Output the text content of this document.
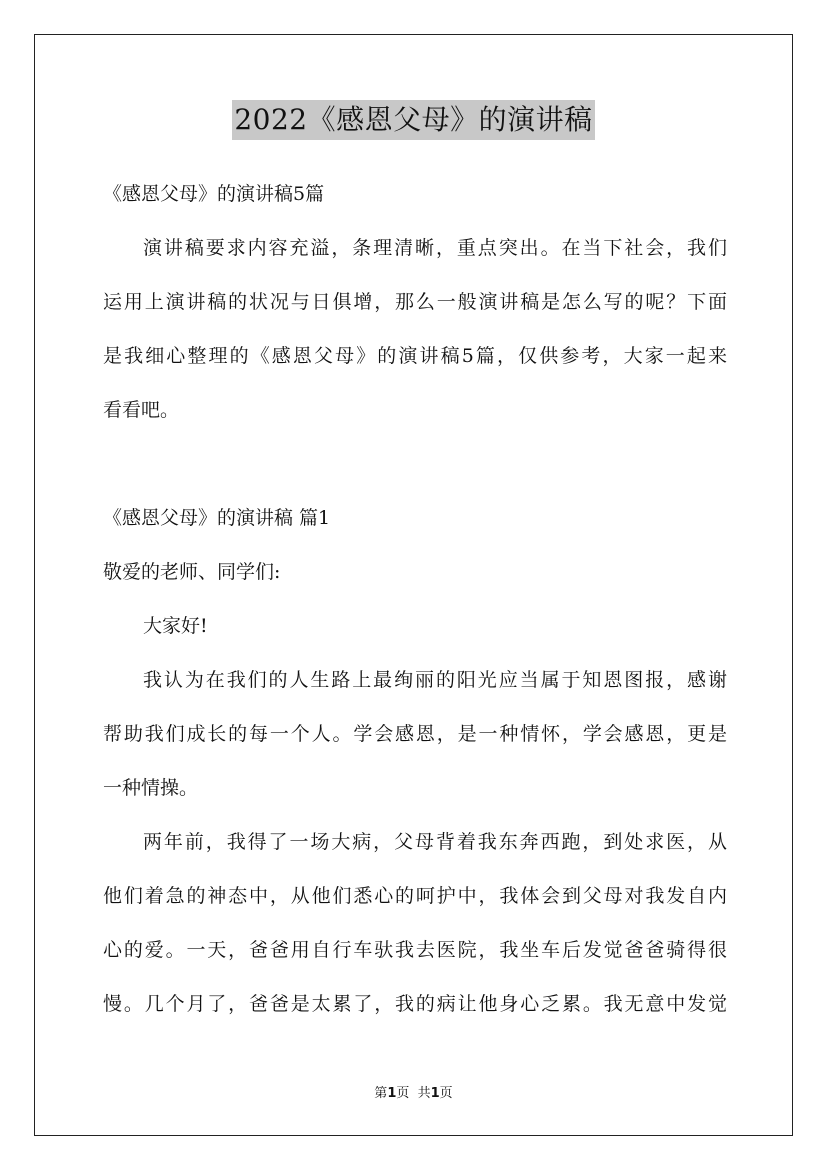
2022《感恩父母》的演讲稿
《感恩父母》的演讲稿5篇
演讲稿要求内容充溢，条理清晰，重点突出。在当下社会，我们
运用上演讲稿的状况与日俱增，那么一般演讲稿是怎么写的呢？下面
是我细心整理的《感恩父母》的演讲稿5篇，仅供参考，大家一起来
看看吧。
《感恩父母》的演讲稿 篇1
敬爱的老师、同学们:
大家好!
我认为在我们的人生路上最绚丽的阳光应当属于知恩图报，感谢
帮助我们成长的每一个人。学会感恩，是一种情怀，学会感恩，更是
一种情操。
两年前，我得了一场大病，父母背着我东奔西跑，到处求医，从
他们着急的神态中，从他们悉心的呵护中，我体会到父母对我发自内
心的爱。一天，爸爸用自行车驮我去医院，我坐车后发觉爸爸骑得很
慢。几个月了，爸爸是太累了，我的病让他身心乏累。我无意中发觉
第1页  共1页
